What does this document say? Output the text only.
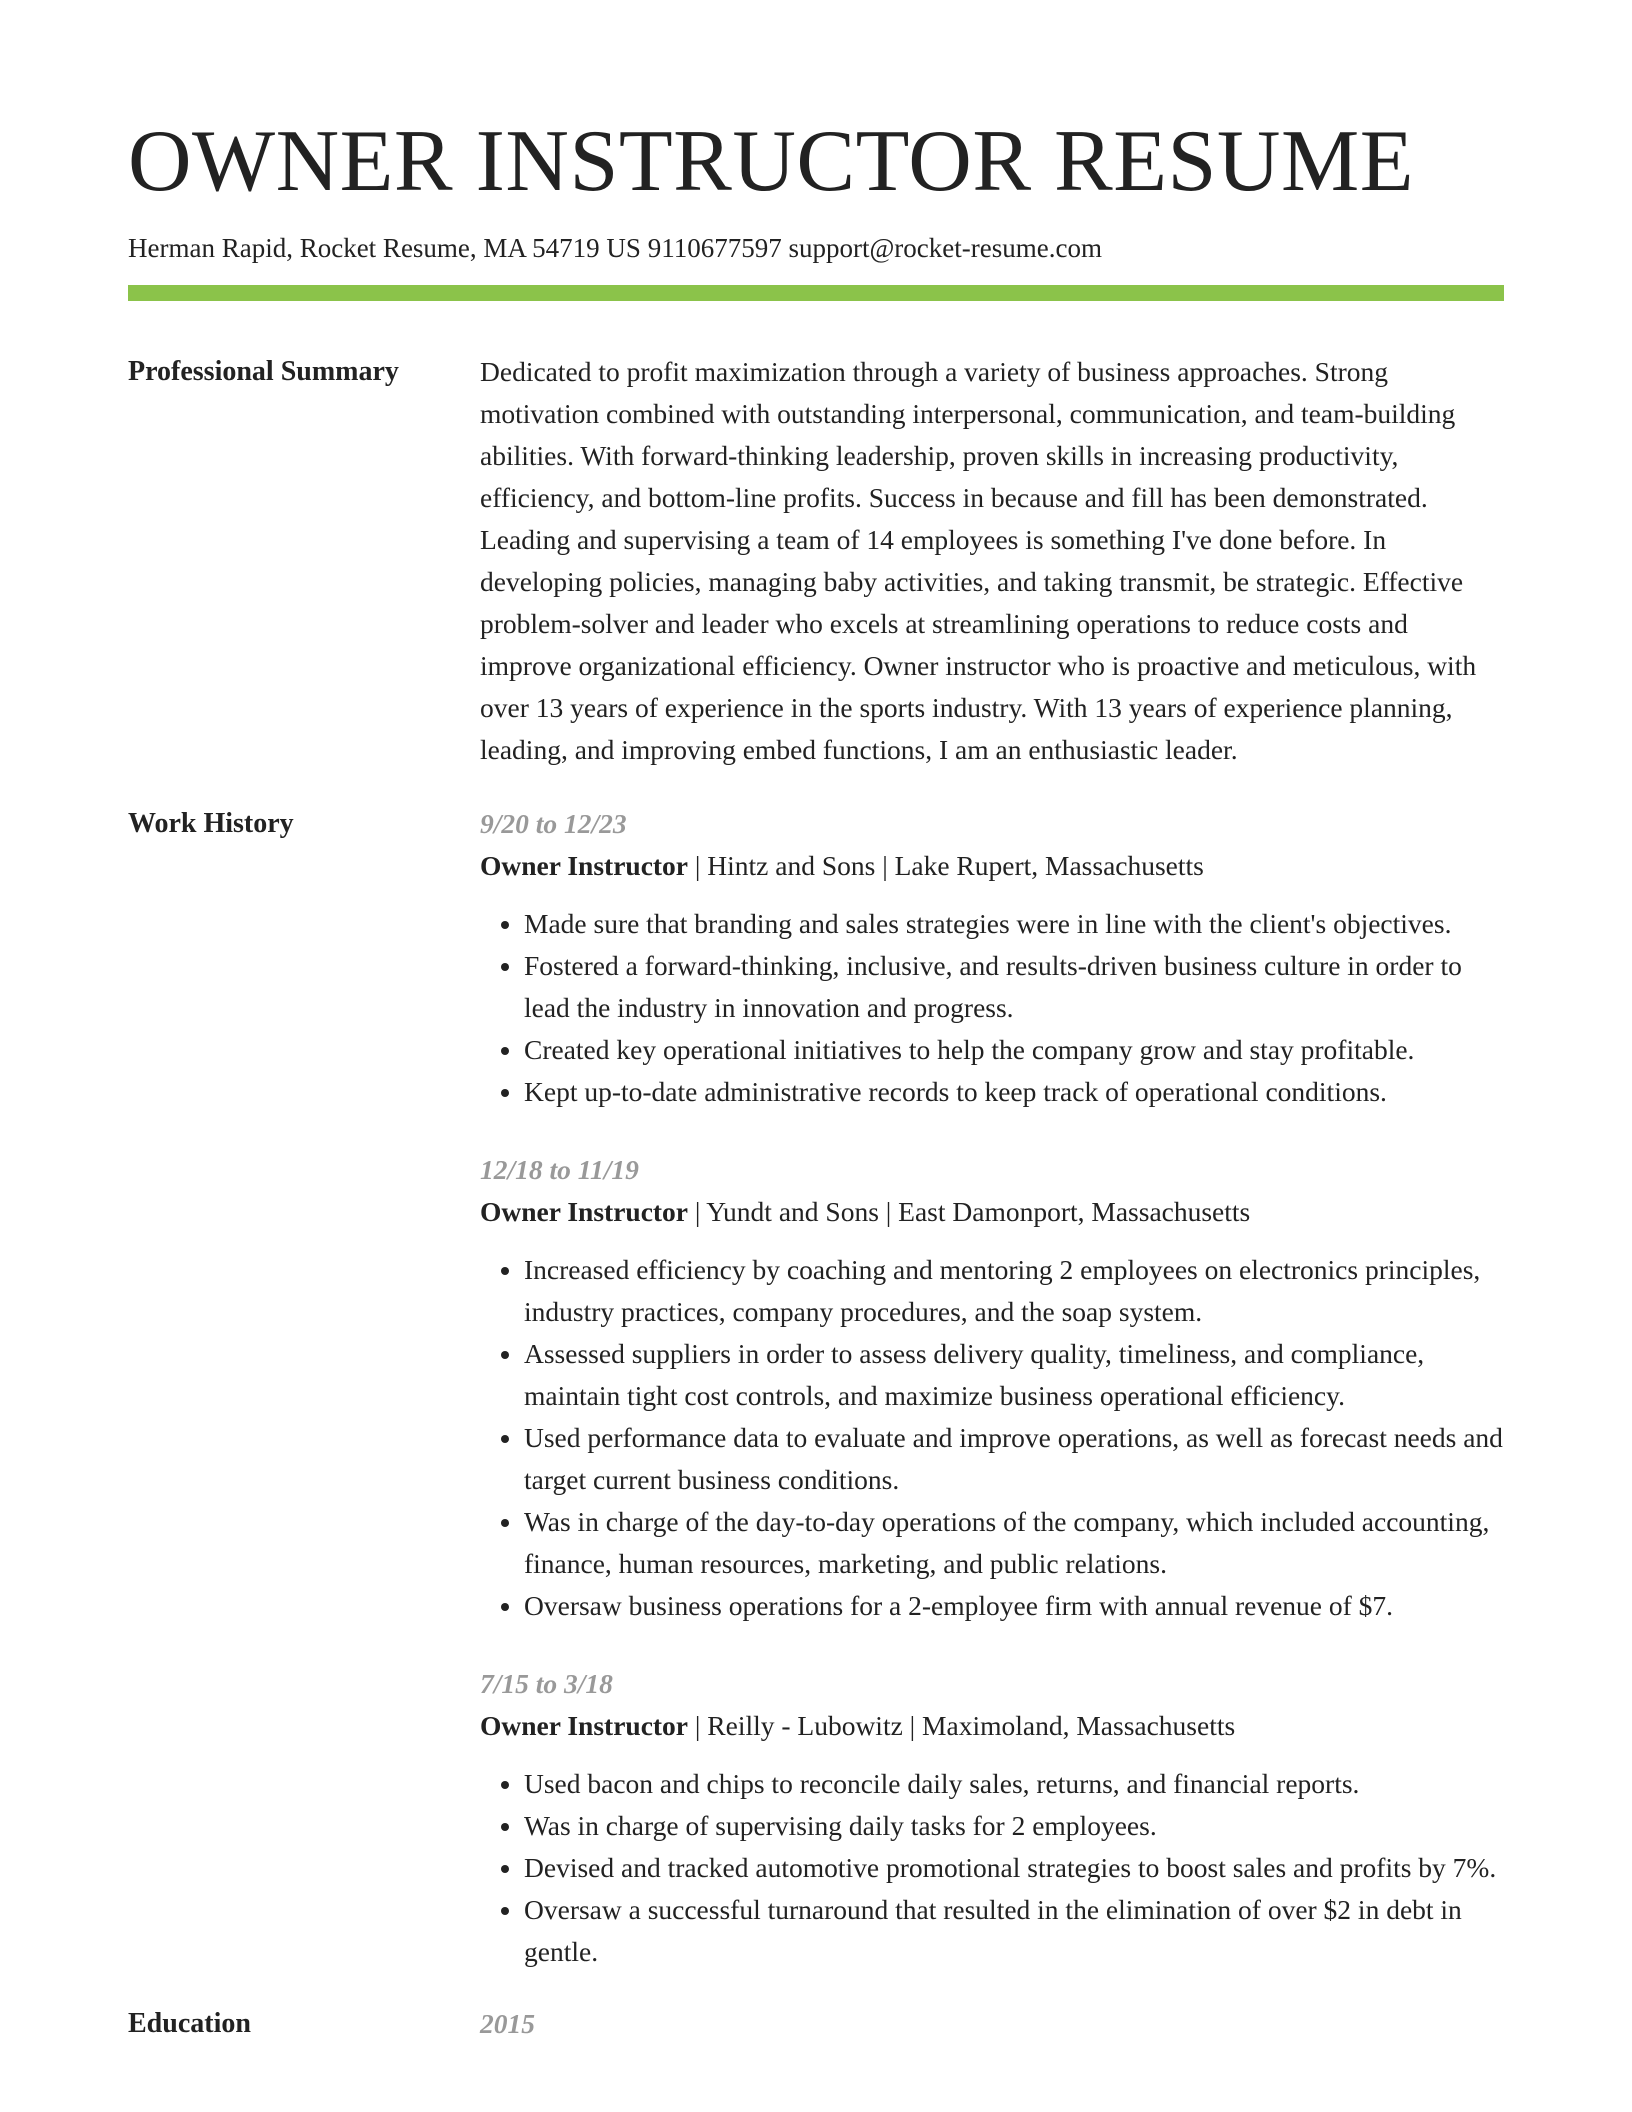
OWNER INSTRUCTOR RESUME
Herman Rapid, Rocket Resume, MA 54719 US 9110677597 support@rocket-resume.com
Professional Summary	Dedicated to profit maximization through a variety of business approaches. Strong motivation combined with outstanding interpersonal, communication, and team-building abilities. With forward-thinking leadership, proven skills in increasing productivity, efficiency, and bottom-line profits. Success in because and fill has been demonstrated. Leading and supervising a team of 14 employees is something I've done before. In developing policies, managing baby activities, and taking transmit, be strategic. Effective problem-solver and leader who excels at streamlining operations to reduce costs and improve organizational efficiency. Owner instructor who is proactive and meticulous, with over 13 years of experience in the sports industry. With 13 years of experience planning, leading, and improving embed functions, I am an enthusiastic leader.

Work History	9/20 to 12/23
Owner Instructor | Hintz and Sons | Lake Rupert, Massachusetts
• Made sure that branding and sales strategies were in line with the client's objectives.
• Fostered a forward-thinking, inclusive, and results-driven business culture in order to lead the industry in innovation and progress.
• Created key operational initiatives to help the company grow and stay profitable.
• Kept up-to-date administrative records to keep track of operational conditions.
12/18 to 11/19
Owner Instructor | Yundt and Sons | East Damonport, Massachusetts
• Increased efficiency by coaching and mentoring 2 employees on electronics principles, industry practices, company procedures, and the soap system.
• Assessed suppliers in order to assess delivery quality, timeliness, and compliance, maintain tight cost controls, and maximize business operational efficiency.
• Used performance data to evaluate and improve operations, as well as forecast needs and target current business conditions.
• Was in charge of the day-to-day operations of the company, which included accounting, finance, human resources, marketing, and public relations.
• Oversaw business operations for a 2-employee firm with annual revenue of $7.
7/15 to 3/18
Owner Instructor | Reilly - Lubowitz | Maximoland, Massachusetts
• Used bacon and chips to reconcile daily sales, returns, and financial reports.
• Was in charge of supervising daily tasks for 2 employees.
• Devised and tracked automotive promotional strategies to boost sales and profits by 7%.
• Oversaw a successful turnaround that resulted in the elimination of over $2 in debt in gentle.
Education	2015
